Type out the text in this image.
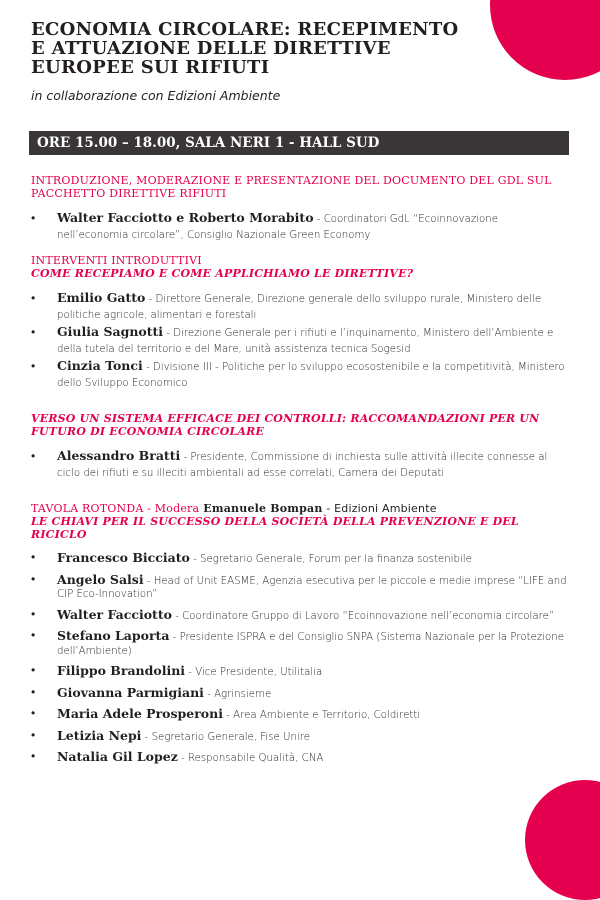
ECONOMIA CIRCOLARE: RECEPIMENTO E ATTUAZIONE DELLE DIRETTIVE EUROPEE SUI RIFIUTI

in collaborazione con Edizioni Ambiente

ORE 15.00 – 18.00, SALA NERI 1 - HALL SUD
INTRODUZIONE, MODERAZIONE E PRESENTAZIONE DEL DOCUMENTO DEL GDL SUL PACCHETTO DIRETTIVE RIFIUTI
• Walter Facciotto e Roberto Morabito - Coordinatori GdL “Ecoinnovazione nell’economia circolare”, Consiglio Nazionale Green Economy
INTERVENTI INTRODUTTIVI
COME RECEPIAMO E COME APPLICHIAMO LE DIRETTIVE?
• Emilio Gatto - Direttore Generale, Direzione generale dello sviluppo rurale, Ministero delle politiche agricole, alimentari e forestali
• Giulia Sagnotti - Direzione Generale per i rifiuti e l’inquinamento, Ministero dell’Ambiente e della tutela del territorio e del Mare, unità assistenza tecnica Sogesid
• Cinzia Tonci - Divisione III - Politiche per lo sviluppo ecosostenibile e la competitività, Ministero dello Sviluppo Economico
VERSO UN SISTEMA EFFICACE DEI CONTROLLI: RACCOMANDAZIONI PER UN FUTURO DI ECONOMIA CIRCOLARE
• Alessandro Bratti - Presidente, Commissione di inchiesta sulle attività illecite connesse al ciclo dei rifiuti e su illeciti ambientali ad esse correlati, Camera dei Deputati
TAVOLA ROTONDA - Modera Emanuele Bompan - Edizioni Ambiente
LE CHIAVI PER IL SUCCESSO DELLA SOCIETÀ DELLA PREVENZIONE E DEL RICICLO
• Francesco Bicciato - Segretario Generale, Forum per la finanza sostenibile
• Angelo Salsi - Head of Unit EASME, Agenzia esecutiva per le piccole e medie imprese “LIFE and CIP Eco-Innovation”
• Walter Facciotto - Coordinatore Gruppo di Lavoro “Ecoinnovazione nell’economia circolare”
• Stefano Laporta - Presidente ISPRA e del Consiglio SNPA (Sistema Nazionale per la Protezione dell’Ambiente)
• Filippo Brandolini - Vice Presidente, Utilitalia
• Giovanna Parmigiani - Agrinsieme
• Maria Adele Prosperoni - Area Ambiente e Territorio, Coldiretti
• Letizia Nepi - Segretario Generale, Fise Unire
• Natalia Gil Lopez - Responsabile Qualità, CNA
